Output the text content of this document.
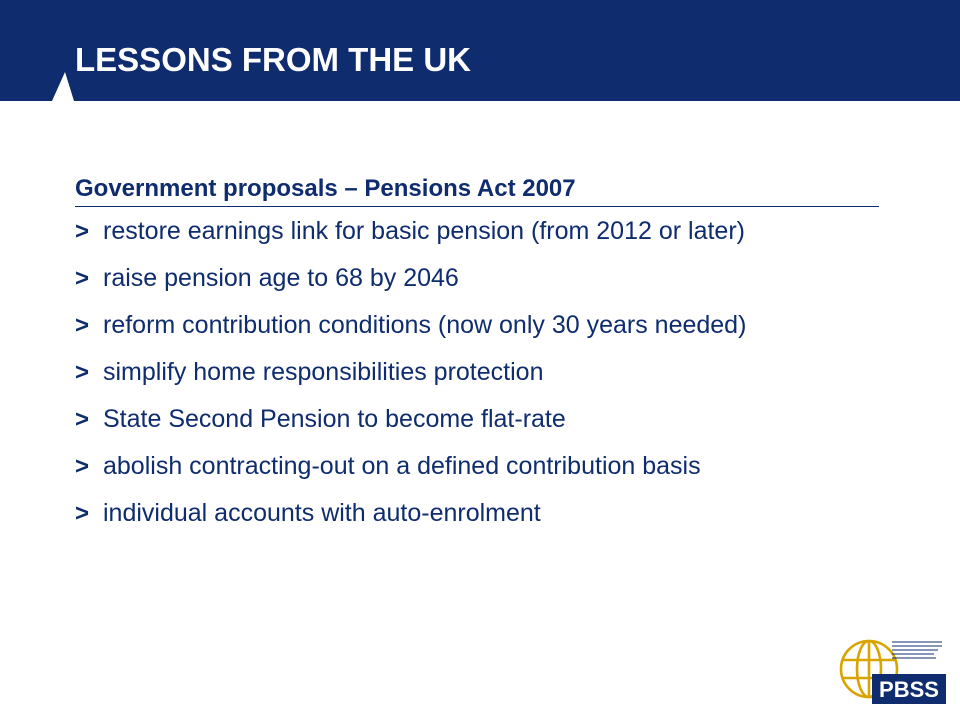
LESSONS FROM THE UK
Government proposals – Pensions Act 2007
> restore earnings link for basic pension (from 2012 or later)
> raise pension age to 68 by 2046
> reform contribution conditions (now only 30 years needed)
> simplify home responsibilities protection
> State Second Pension to become flat-rate
> abolish contracting-out on a defined contribution basis
> individual accounts with auto-enrolment
PBSS
